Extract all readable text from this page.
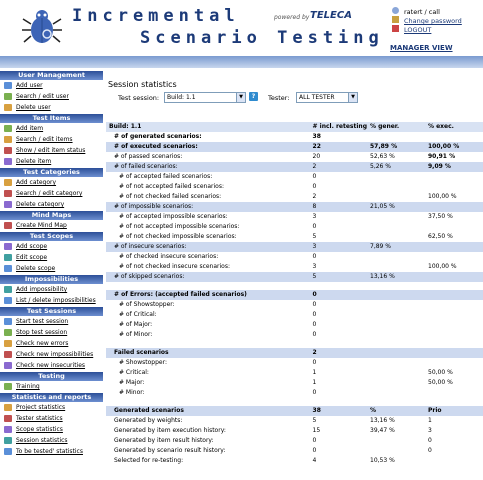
Incremental
Scenario Testing
powered by TELECA	ratert / call
Change password
LOGOUT
MANAGER VIEW
User Management
Add user
Search / edit user
Delete user
Test Items
Add item
Search / edit items
Show / edit item status
Delete item
Test Categories
Add category
Search / edit category
Delete category
Mind Maps
Create Mind Map
Test Scopes
Add scope
Edit scope
Delete scope
Impossibilities
Add impossibility
List / delete impossibilities
Test Sessions
Start test session
Stop test session
Check new errors
Check new impossibilities
Check new insecurities
Testing
Training
Statistics and reports
Project statistics
Tester statistics
Scope statistics
Session statistics
To be tested' statistics
Session statistics
Test session:	Build: 1.1	▼	?	Tester:	ALL TESTER	▼
Build: 1.1	# incl. retesting	% gener.	% exec.
# of generated scenarios:	38		
# of executed scenarios:	22	57,89 %	100,00 %
# of passed scenarios:	20	52,63 %	90,91 %
# of failed scenarios:	2	5,26 %	9,09 %
# of accepted failed scenarios:	0		
# of not accepted failed scenarios:	0		
# of not checked failed scenarios:	2		100,00 %
# of impossible scenarios:	8	21,05 %	
# of accepted impossible scenarios:	3		37,50 %
# of not accepted impossible scenarios:	0		
# of not checked impossible scenarios:	5		62,50 %
# of insecure scenarios:	3	7,89 %	
# of checked insecure scenarios:	0		
# of not checked insecure scenarios:	3		100,00 %
# of skipped scenarios:	5	13,16 %	

# of Errors: (accepted failed scenarios)	0		
# of Showstopper:	0		
# of Critical:	0		
# of Major:	0		
# of Minor:	0		

Failed scenarios	2		
# Showstopper:	0		
# Critical:	1		50,00 %
# Major:	1		50,00 %
# Minor:	0		

Generated scenarios	38	%	Prio
Generated by weights:	5	13,16 %	1
Generated by item execution history:	15	39,47 %	3
Generated by item result history:	0		0
Generated by scenario result history:	0		0
Selected for re-testing:	4	10,53 %	
